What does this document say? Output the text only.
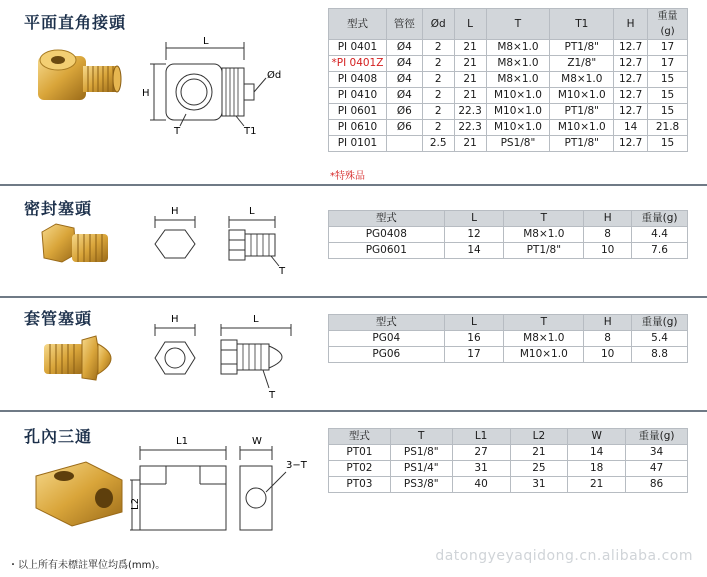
平面直角接頭
L
H
Ød
T	T1
型式	管徑	Ød	L	T	T1	H	重量
(g)
PI 0401	Ø4	2	21	M8×1.0	PT1/8"	12.7	17
*PI 0401Z	Ø4	2	21	M8×1.0	Z1/8"	12.7	17
PI 0408	Ø4	2	21	M8×1.0	M8×1.0	12.7	15
PI 0410	Ø4	2	21	M10×1.0	M10×1.0	12.7	15
PI 0601	Ø6	2	22.3	M10×1.0	PT1/8"	12.7	15
PI 0610	Ø6	2	22.3	M10×1.0	M10×1.0	14	21.8
PI 0101		2.5	21	PS1/8"	PT1/8"	12.7	15
*特殊品
密封塞頭	H	L
T
型式	L	T	H	重量(g)
PG0408	12	M8×1.0	8	4.4
PG0601	14	PT1/8"	10	7.6
套管塞頭	H	L
T
型式	L	T	H	重量(g)
PG04	16	M8×1.0	8	5.4
PG06	17	M10×1.0	10	8.8
孔內三通	L1
L2
W
3−T
型式	T	L1	L2	W	重量(g)
PT01	PS1/8"	27	21	14	34
PT02	PS1/4"	31	25	18	47
PT03	PS3/8"	40	31	21	86
・以上所有未標註單位均爲(mm)。
datongyeyaqidong.cn.alibaba.com
